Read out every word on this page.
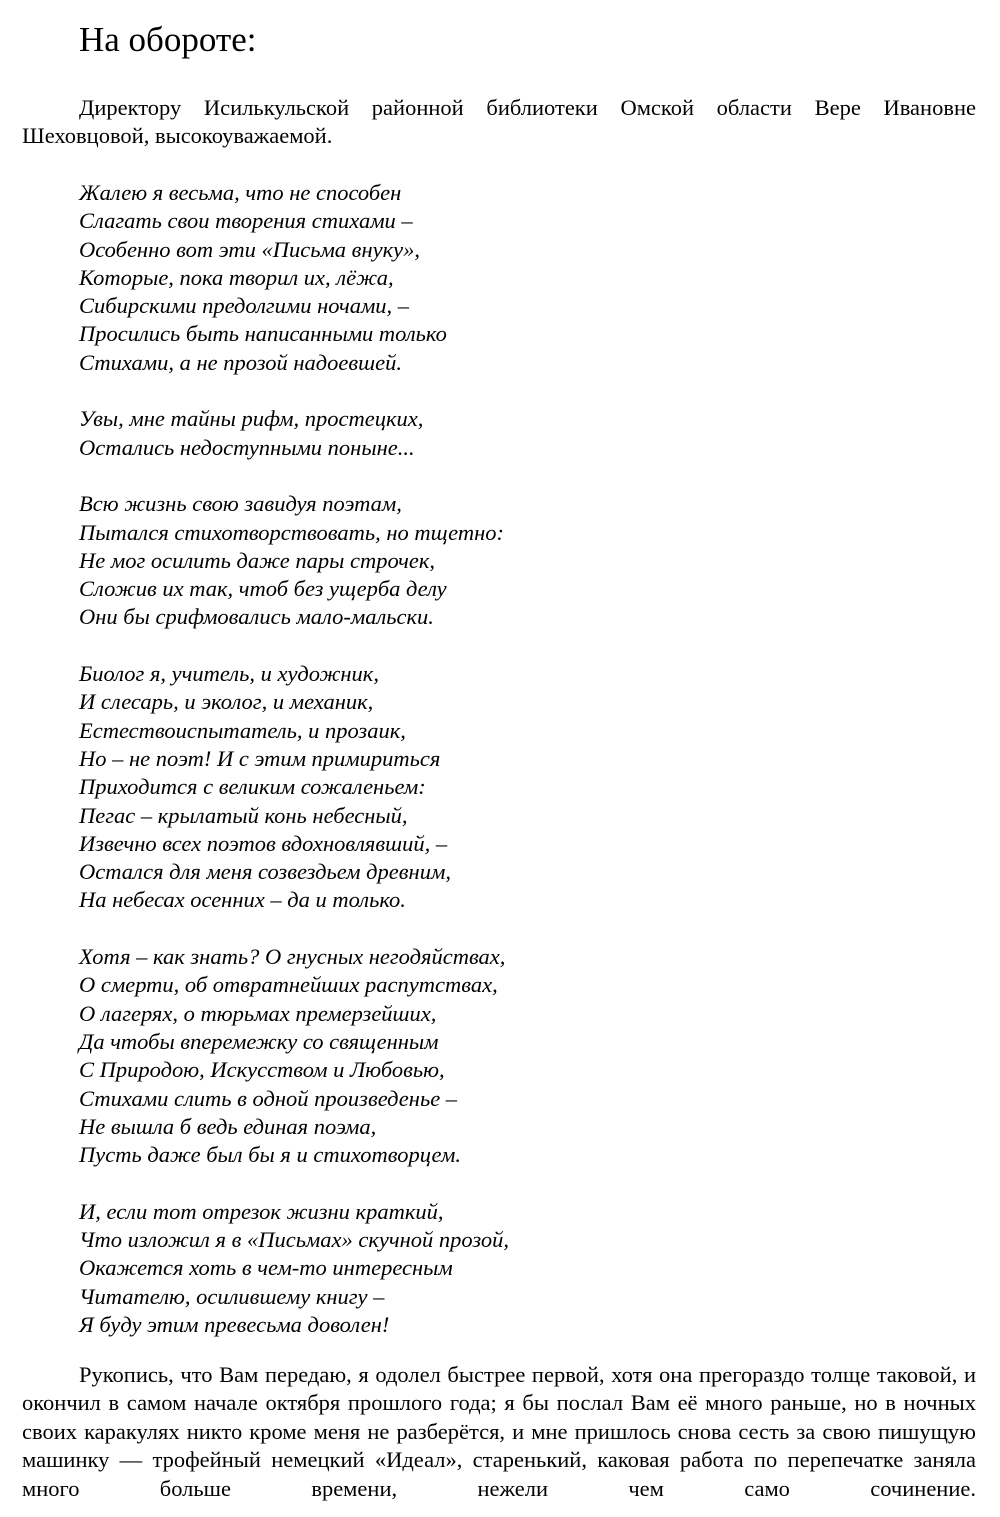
На обороте:

Директору Исилькульской районной библиотеки Омской области Вере Ивановне Шеховцовой, высокоуважаемой.

Жалею я весьма, что не способен
Слагать свои творения стихами –
Особенно вот эти «Письма внуку»,
Которые, пока творил их, лёжа,
Сибирскими предолгими ночами, –
Просились быть написанными только
Стихами, а не прозой надоевшей.
Увы, мне тайны рифм, простецких,
Остались недоступными поныне...
Всю жизнь свою завидуя поэтам,
Пытался стихотворствовать, но тщетно:
Не мог осилить даже пары строчек,
Сложив их так, чтоб без ущерба делу
Они бы срифмовались мало-мальски.
Биолог я, учитель, и художник,
И слесарь, и эколог, и механик,
Естествоиспытатель, и прозаик,
Но – не поэт! И с этим примириться
Приходится с великим сожаленьем:
Пегас – крылатый конь небесный,
Извечно всех поэтов вдохновлявший, –
Остался для меня созвездьем древним,
На небесах осенних – да и только.
Хотя – как знать? О гнусных негодяйствах,
О смерти, об отвратнейших распутствах,
О лагерях, о тюрьмах премерзейших,
Да чтобы вперемежку со священным
С Природою, Искусством и Любовью,
Стихами слить в одной произведенье –
Не вышла б ведь единая поэма,
Пусть даже был бы я и стихотворцем.
И, если тот отрезок жизни краткий,
Что изложил я в «Письмах» скучной прозой,
Окажется хоть в чем-то интересным
Читателю, осилившему книгу –
Я буду этим превесьма доволен!

Рукопись, что Вам передаю, я одолел быстрее первой, хотя она прегораздо толще таковой, и окончил в самом начале октября прошлого года; я бы послал Вам её много раньше, но в ночных своих каракулях никто кроме меня не разберётся, и мне пришлось снова сесть за свою пишущую машинку — трофейный немецкий «Идеал», старенький, каковая работа по перепечатке заняла много больше времени, нежели чем само сочинение.
